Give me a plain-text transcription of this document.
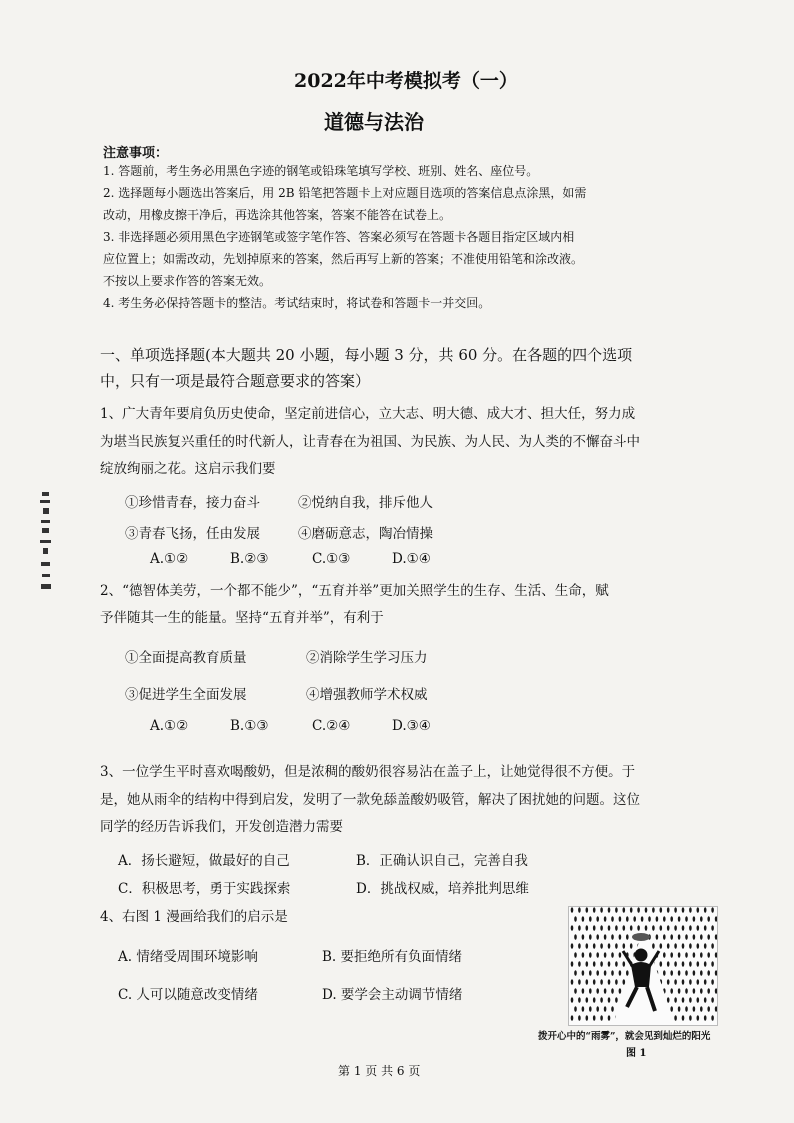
2022年中考模拟考（一）
道德与法治
注意事项：
1. 答题前，考生务必用黑色字迹的钢笔或铅珠笔填写学校、班别、姓名、座位号。
2. 选择题每小题选出答案后，用 2B 铅笔把答题卡上对应题目选项的答案信息点涂黑，如需
改动，用橡皮擦干净后，再选涂其他答案，答案不能答在试卷上。
3. 非选择题必须用黑色字迹钢笔或签字笔作答、答案必须写在答题卡各题目指定区域内相
应位置上；如需改动，先划掉原来的答案，然后再写上新的答案；不准使用铅笔和涂改液。
不按以上要求作答的答案无效。
4. 考生务必保持答题卡的整洁。考试结束时，将试卷和答题卡一并交回。
一、单项选择题(本大题共 20 小题，每小题 3 分，共 60 分。在各题的四个选项
中，只有一项是最符合题意要求的答案）
1、广大青年要肩负历史使命，坚定前进信心，立大志、明大德、成大才、担大任，努力成
为堪当民族复兴重任的时代新人，让青春在为祖国、为民族、为人民、为人类的不懈奋斗中
绽放绚丽之花。这启示我们要
①珍惜青春，接力奋斗	②悦纳自我，排斥他人
③青春飞扬，任由发展	④磨砺意志，陶冶情操
A.①②	B.②③	C.①③	D.①④
2、“德智体美劳，一个都不能少”，“五育并举”更加关照学生的生存、生活、生命，赋
予伴随其一生的能量。坚持“五育并举”，有利于
①全面提高教育质量	②消除学生学习压力
③促进学生全面发展	④增强教师学术权威
A.①②	B.①③	C.②④	D.③④
3、一位学生平时喜欢喝酸奶，但是浓稠的酸奶很容易沾在盖子上，让她觉得很不方便。于
是，她从雨伞的结构中得到启发，发明了一款免舔盖酸奶吸管，解决了困扰她的问题。这位
同学的经历告诉我们，开发创造潜力需要
A．扬长避短，做最好的自己	B．正确认识自己，完善自我
C．积极思考，勇于实践探索	D．挑战权威，培养批判思维
4、右图 1 漫画给我们的启示是
A. 情绪受周围环境影响	B. 要拒绝所有负面情绪
C. 人可以随意改变情绪	D. 要学会主动调节情绪
拨开心中的“雨雾”，就会见到灿烂的阳光
图 1
第 1 页 共 6 页
